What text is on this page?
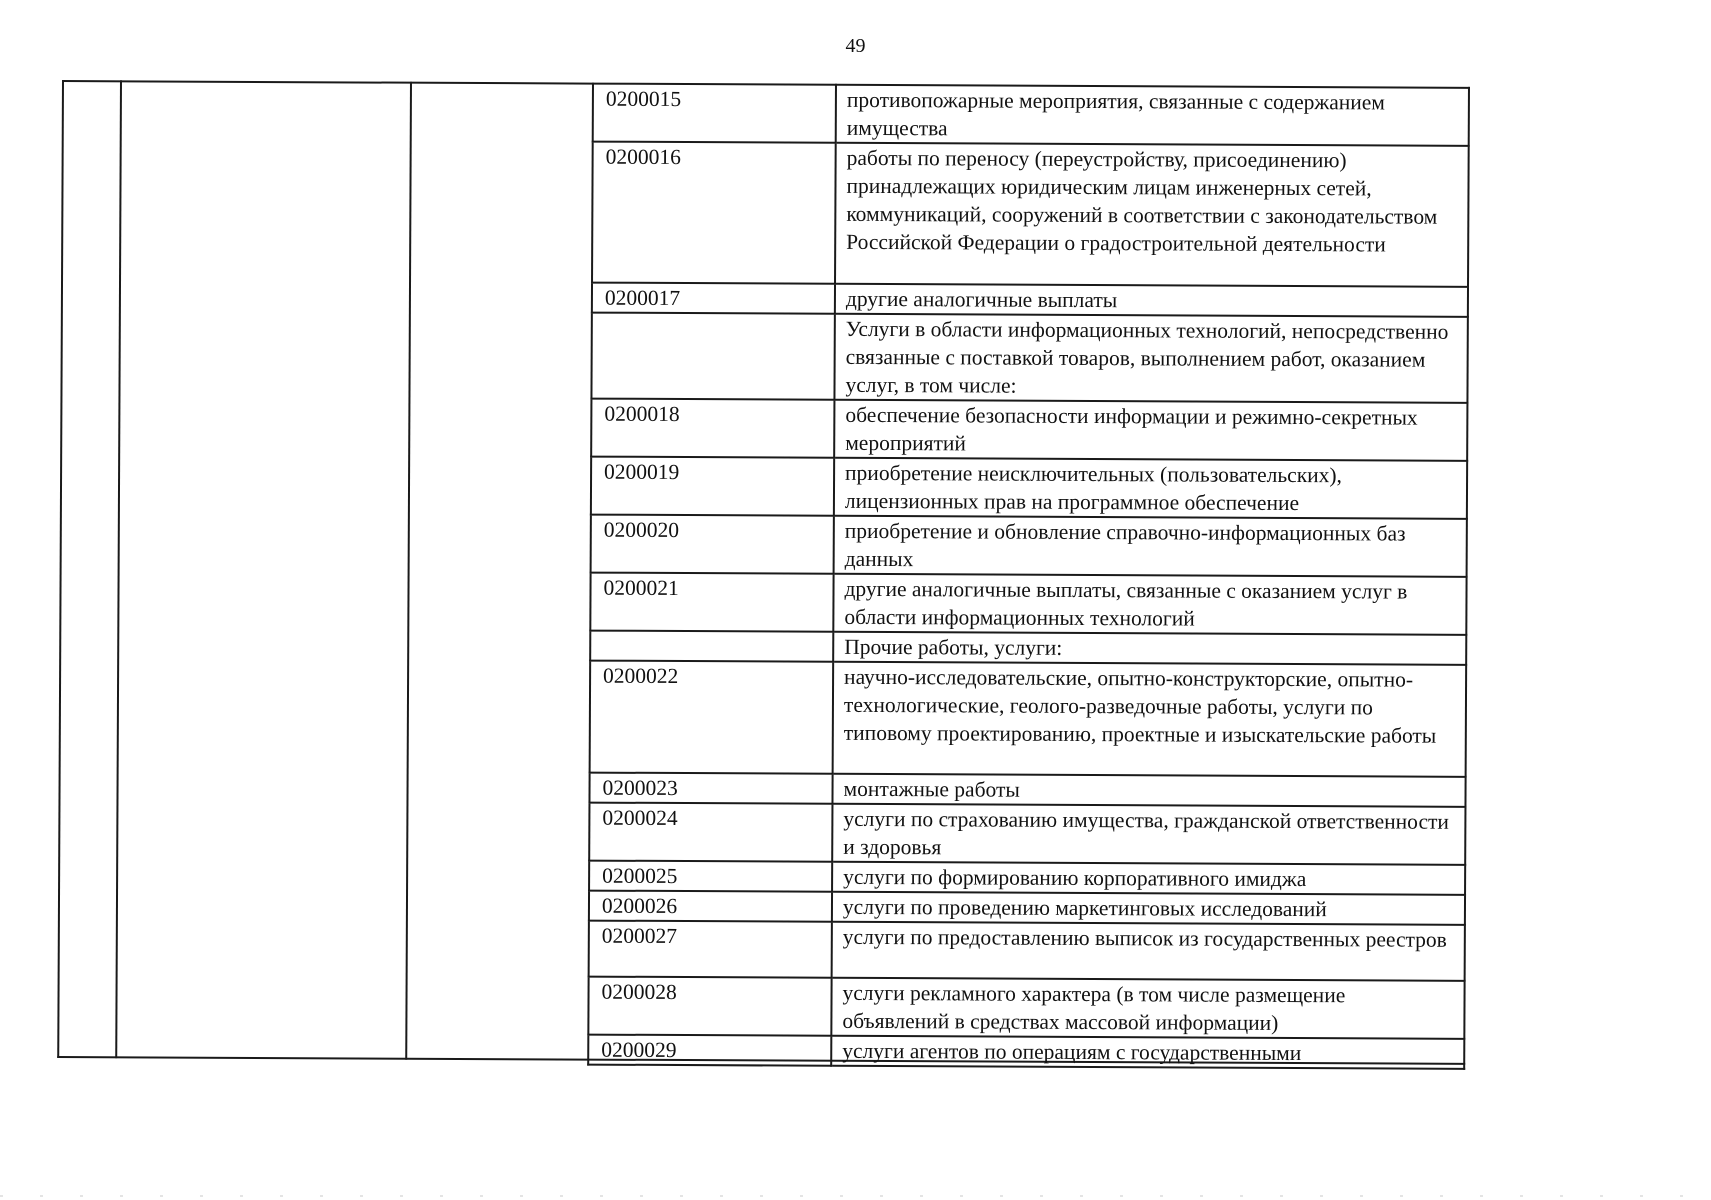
49
0200015	противопожарные мероприятия, связанные с содержанием имущества
0200016	работы по переносу (переустройству, присоединению) принадлежащих юридическим лицам инженерных сетей, коммуникаций, сооружений в соответствии с законодательством Российской Федерации о градостроительной деятельности
0200017	другие аналогичные выплаты
	Услуги в области информационных технологий, непосредственно связанные с поставкой товаров, выполнением работ, оказанием услуг, в том числе:
0200018	обеспечение безопасности информации и режимно-секретных мероприятий
0200019	приобретение неисключительных (пользовательских), лицензионных прав на программное обеспечение
0200020	приобретение и обновление справочно-информационных баз данных
0200021	другие аналогичные выплаты, связанные с оказанием услуг в области информационных технологий
	Прочие работы, услуги:
0200022	научно-исследовательские, опытно-конструкторские, опытно-технологические, геолого-разведочные работы, услуги по типовому проектированию, проектные и изыскательские работы
0200023	монтажные работы
0200024	услуги по страхованию имущества, гражданской ответственности и здоровья
0200025	услуги по формированию корпоративного имиджа
0200026	услуги по проведению маркетинговых исследований
0200027	услуги по предоставлению выписок из государственных реестров
0200028	услуги рекламного характера (в том числе размещение объявлений в средствах массовой информации)
0200029	услуги агентов по операциям с государственными
